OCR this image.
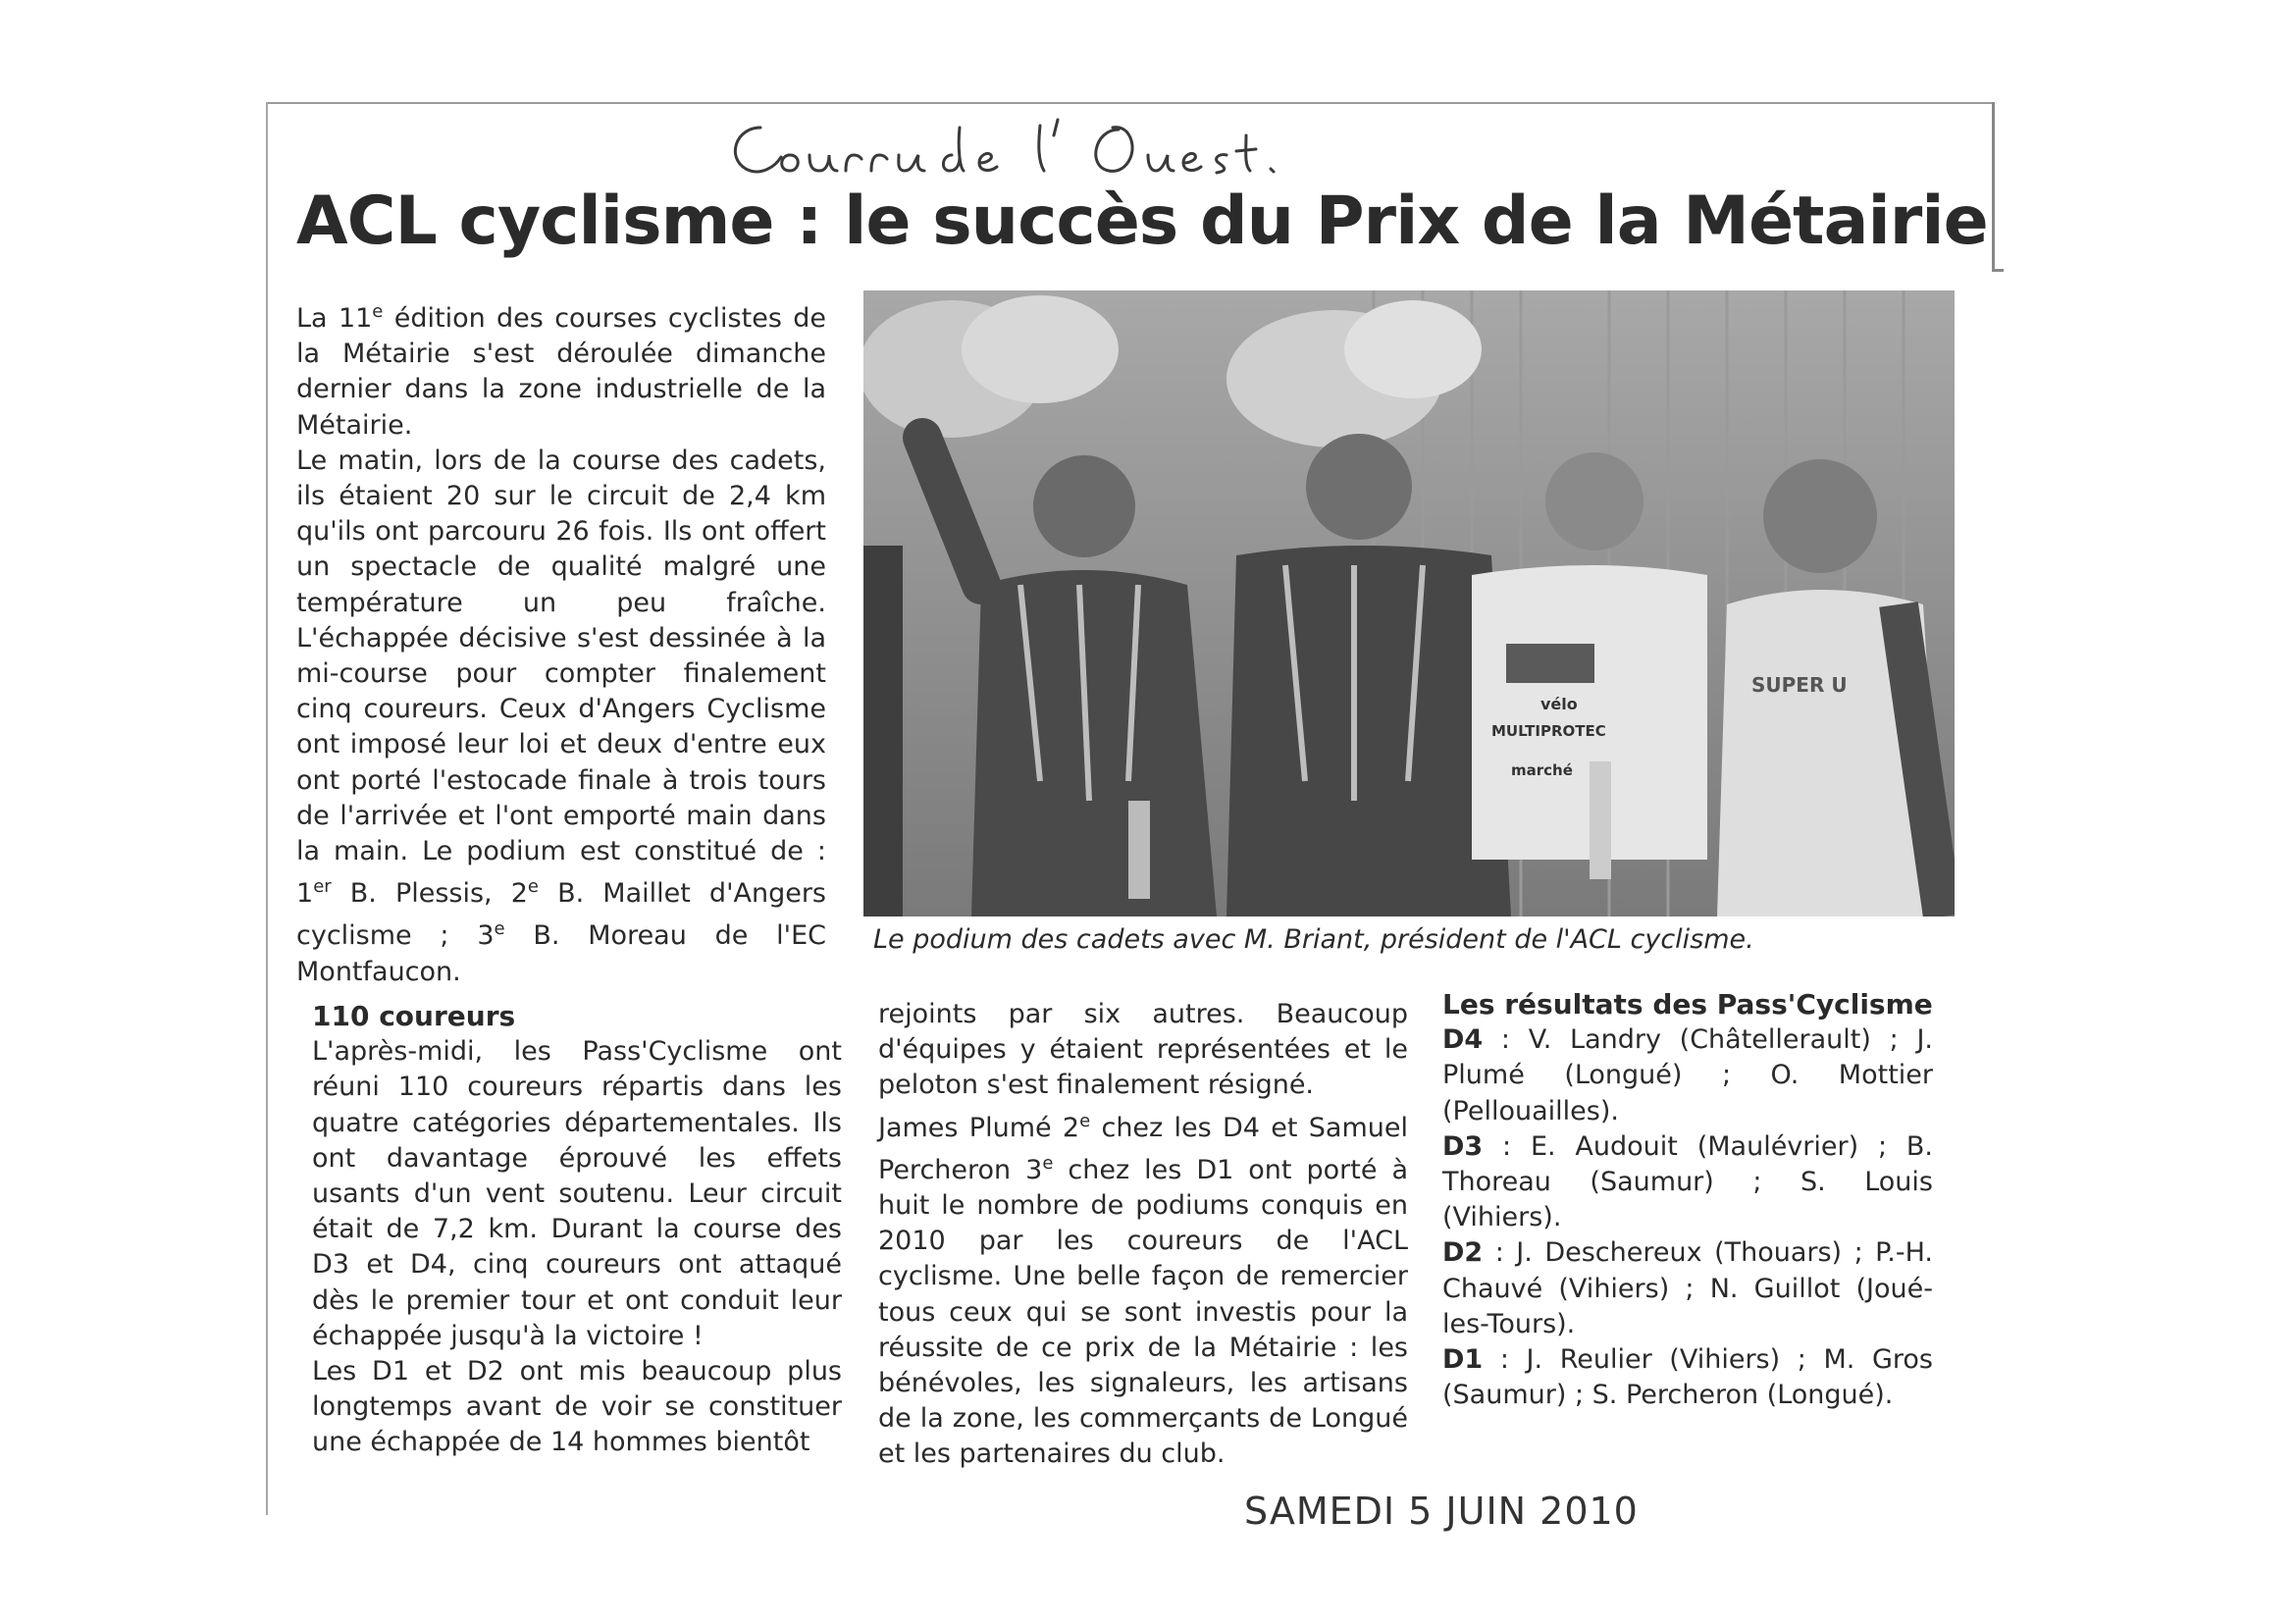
ACL cyclisme : le succès du Prix de la Métairie

La 11e édition des courses cyclistes de la Métairie s'est déroulée dimanche dernier dans la zone industrielle de la Métairie.

Le matin, lors de la course des cadets, ils étaient 20 sur le circuit de 2,4 km qu'ils ont parcouru 26 fois. Ils ont offert un spectacle de qualité malgré une température un peu fraîche. L'échappée décisive s'est dessinée à la mi-course pour compter finalement cinq coureurs. Ceux d'Angers Cyclisme ont imposé leur loi et deux d'entre eux ont porté l'estocade finale à trois tours de l'arrivée et l'ont emporté main dans la main. Le podium est constitué de : 1er B. Plessis, 2e B. Maillet d'Angers cyclisme ; 3e B. Moreau de l'EC Montfaucon.

SUPER U
vélo
MULTIPROTEC
marché
Le podium des cadets avec M. Briant, président de l'ACL cyclisme.

110 coureurs

L'après-midi, les Pass'Cyclisme ont réuni 110 coureurs répartis dans les quatre catégories départementales. Ils ont davantage éprouvé les effets usants d'un vent soutenu. Leur circuit était de 7,2 km. Durant la course des D3 et D4, cinq coureurs ont attaqué dès le premier tour et ont conduit leur échappée jusqu'à la victoire !

Les D1 et D2 ont mis beaucoup plus longtemps avant de voir se constituer une échappée de 14 hommes bientôt

rejoints par six autres. Beaucoup d'équipes y étaient représentées et le peloton s'est finalement résigné.

James Plumé 2e chez les D4 et Samuel Percheron 3e chez les D1 ont porté à huit le nombre de podiums conquis en 2010 par les coureurs de l'ACL cyclisme. Une belle façon de remercier tous ceux qui se sont investis pour la réussite de ce prix de la Métairie : les bénévoles, les signaleurs, les artisans de la zone, les commerçants de Longué et les partenaires du club.

Les résultats des Pass'Cyclisme

D4 : V. Landry (Châtellerault) ; J. Plumé (Longué) ; O. Mottier (Pellouailles).

D3 : E. Audouit (Maulévrier) ; B. Thoreau (Saumur) ; S. Louis (Vihiers).

D2 : J. Deschereux (Thouars) ; P.-H. Chauvé (Vihiers) ; N. Guillot (Joué-les-Tours).

D1 : J. Reulier (Vihiers) ; M. Gros (Saumur) ; S. Percheron (Longué).

SAMEDI 5 JUIN 2010
